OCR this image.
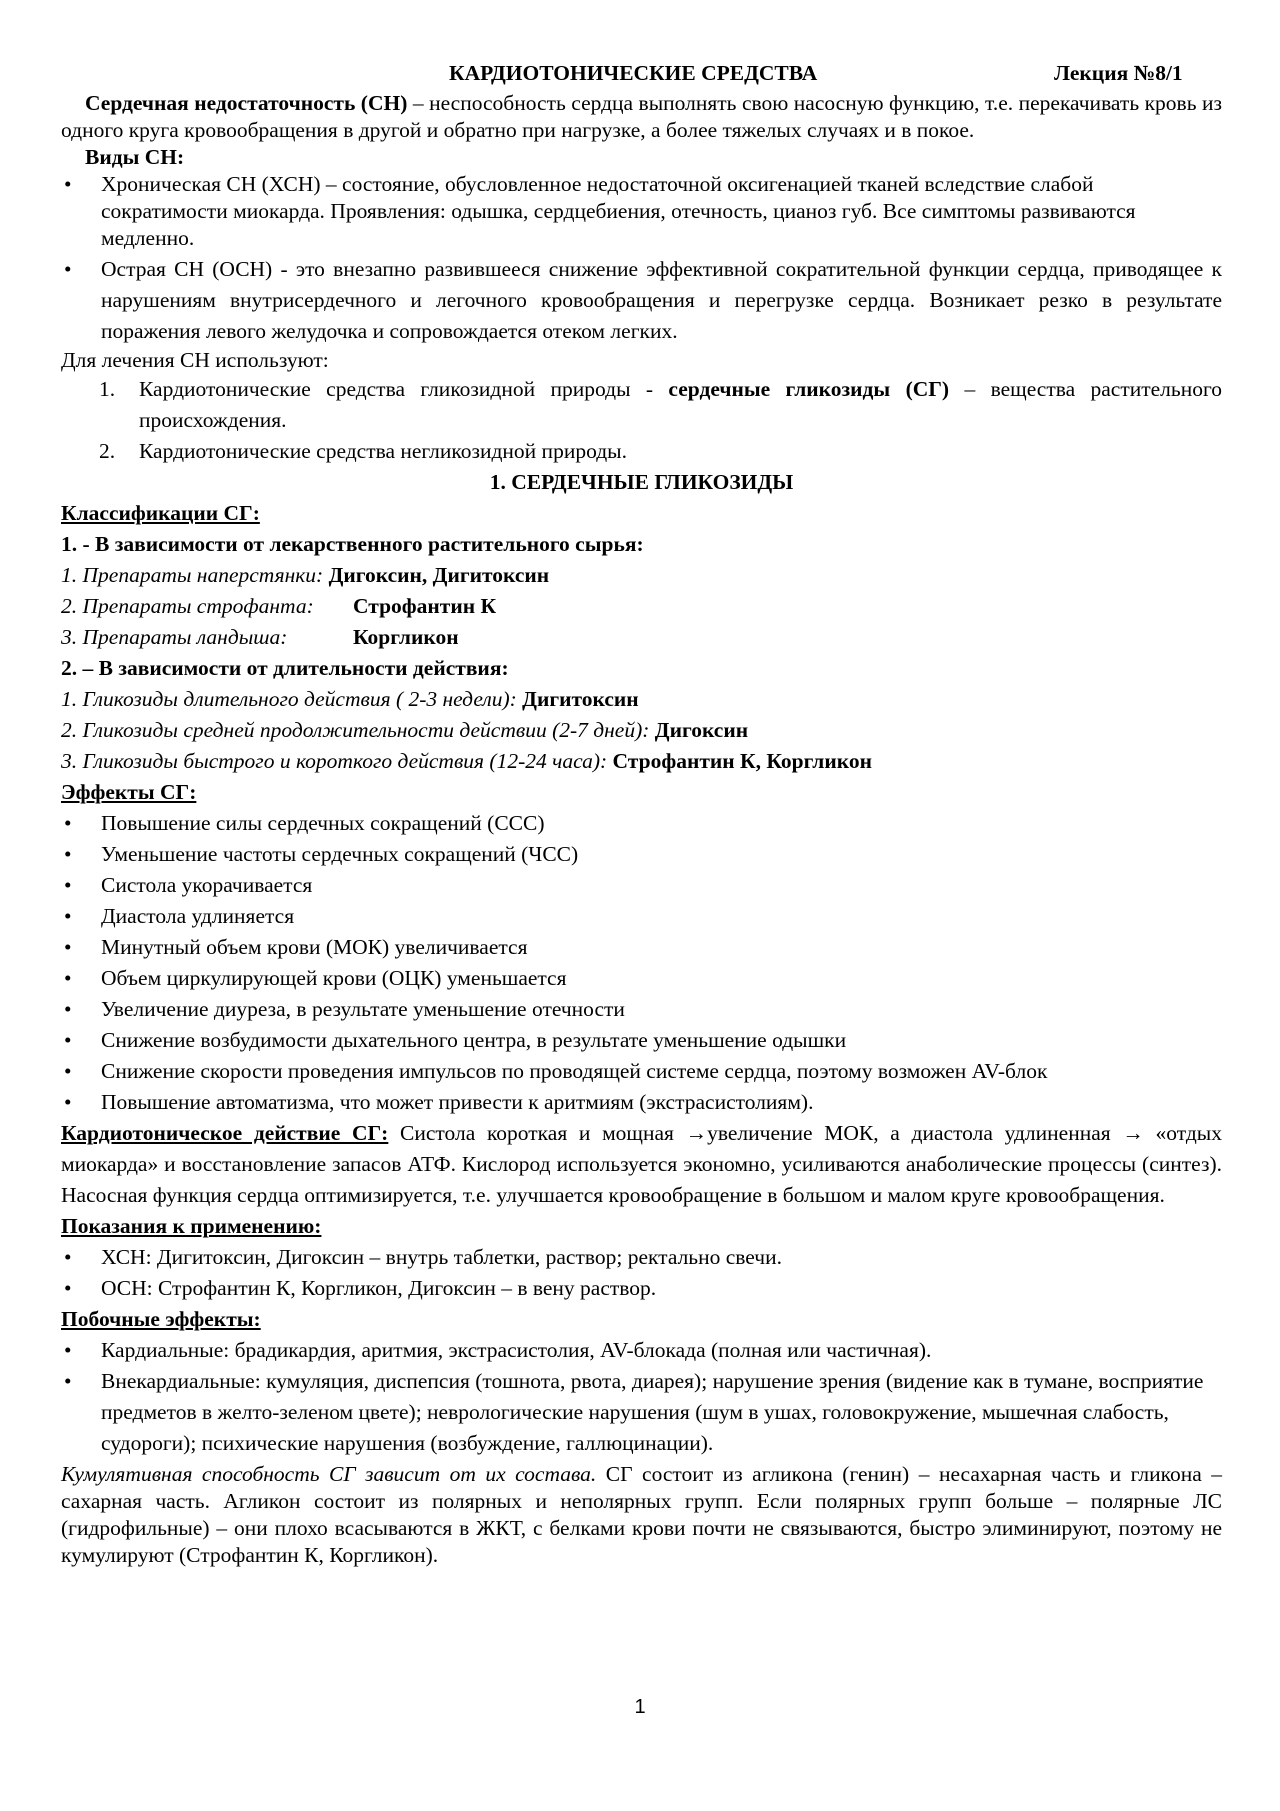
КАРДИОТОНИЧЕСКИЕ СРЕДСТВА	Лекция №8/1

Сердечная недостаточность (СН) – неспособность сердца выполнять свою насосную функцию, т.е. перекачивать кровь из одного круга кровообращения в другой и обратно при нагрузке, а более тяжелых случаях и в покое.

Виды СН:

• Хроническая СН (ХСН) – состояние, обусловленное недостаточной оксигенацией тканей вследствие слабой сократимости миокарда. Проявления: одышка, сердцебиения, отечность, цианоз губ. Все симптомы развиваются медленно.
• Острая СН (ОСН) - это внезапно развившееся снижение эффективной сократительной функции сердца, приводящее к нарушениям внутрисердечного и легочного кровообращения и перегрузке сердца. Возникает резко в результате поражения левого желудочка и сопровождается отеком легких.

Для лечения СН используют:

1. Кардиотонические средства гликозидной природы - сердечные гликозиды (СГ) – вещества растительного происхождения.
2. Кардиотонические средства негликозидной природы.

1. СЕРДЕЧНЫЕ ГЛИКОЗИДЫ

Классификации СГ:

1. - В зависимости от лекарственного растительного сырья:

1. Препараты наперстянки: Дигоксин, Дигитоксин

2. Препараты строфанта: Строфантин К

3. Препараты ландыша:	Коргликон

2. – В зависимости от длительности действия:

1. Гликозиды длительного действия ( 2-3 недели): Дигитоксин

2. Гликозиды средней продолжительности действии (2-7 дней): Дигоксин

3. Гликозиды быстрого и короткого действия (12-24 часа): Строфантин К, Коргликон

Эффекты СГ:

• Повышение силы сердечных сокращений (ССС)
• Уменьшение частоты сердечных сокращений (ЧСС)
• Систола укорачивается
• Диастола удлиняется
• Минутный объем крови (МОК) увеличивается
• Объем циркулирующей крови (ОЦК) уменьшается
• Увеличение диуреза, в результате уменьшение отечности
• Снижение возбудимости дыхательного центра, в результате уменьшение одышки
• Снижение скорости проведения импульсов по проводящей системе сердца, поэтому возможен AV-блок
• Повышение автоматизма, что может привести к аритмиям (экстрасистолиям).

Кардиотоническое действие СГ: Систола короткая и мощная →увеличение МОК, а диастола удлиненная → «отдых миокарда» и восстановление запасов АТФ. Кислород используется экономно, усиливаются анаболические процессы (синтез). Насосная функция сердца оптимизируется, т.е. улучшается кровообращение в большом и малом круге кровообращения.

Показания к применению:

• ХСН: Дигитоксин, Дигоксин – внутрь таблетки, раствор; ректально свечи.
• ОСН: Строфантин К, Коргликон, Дигоксин – в вену раствор.

Побочные эффекты:

• Кардиальные: брадикардия, аритмия, экстрасистолия, AV-блокада (полная или частичная).
• Внекардиальные: кумуляция, диспепсия (тошнота, рвота, диарея); нарушение зрения (видение как в тумане, восприятие предметов в желто-зеленом цвете); неврологические нарушения (шум в ушах, головокружение, мышечная слабость, судороги); психические нарушения (возбуждение, галлюцинации).

Кумулятивная способность СГ зависит от их состава. СГ состоит из агликона (генин) – несахарная часть и гликона – сахарная часть. Агликон состоит из полярных и неполярных групп. Если полярных групп больше – полярные ЛС (гидрофильные) – они плохо всасываются в ЖКТ, с белками крови почти не связываются, быстро элиминируют, поэтому не кумулируют (Строфантин К, Коргликон).

1
